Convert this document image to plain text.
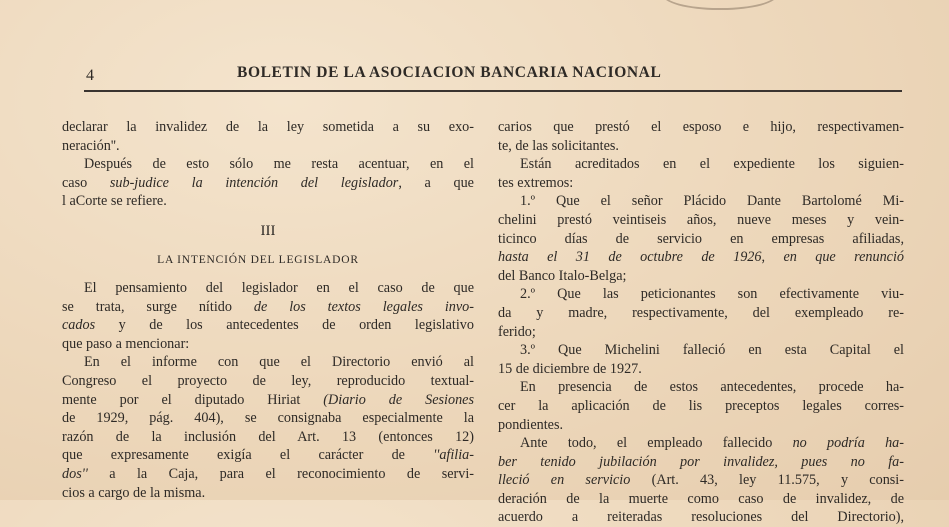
4	BOLETIN DE LA ASOCIACION BANCARIA NACIONAL
declarar la invalidez de la ley sometida a su exo-
neración''.
Después de esto sólo me resta acentuar, en el
caso sub-judice la intención del legislador, a que
l aCorte se refiere.
III
LA INTENCIÓN DEL LEGISLADOR
El pensamiento del legislador en el caso de que
se trata, surge nítido de los textos legales invo-
cados y de los antecedentes de orden legislativo
que paso a mencionar:
En el informe con que el Directorio envió al
Congreso el proyecto de ley, reproducido textual-
mente por el diputado Hiriat (Diario de Sesiones
de 1929, pág. 404), se consignaba especialmente la
razón de la inclusión del Art. 13 (entonces 12)
que expresamente exigía el carácter de ''afilia-
dos'' a la Caja, para el reconocimiento de servi-
cios a cargo de la misma.
carios que prestó el esposo e hijo, respectivamen-
te, de las solicitantes.
Están acreditados en el expediente los siguien-
tes extremos:
1.º Que el señor Plácido Dante Bartolomé Mi-
chelini prestó veintiseis años, nueve meses y vein-
ticinco días de servicio en empresas afiliadas,
hasta el 31 de octubre de 1926, en que renunció
del Banco Italo-Belga;
2.º Que las peticionantes son efectivamente viu-
da y madre, respectivamente, del exempleado re-
ferido;
3.º Que Michelini falleció en esta Capital el
15 de diciembre de 1927.
En presencia de estos antecedentes, procede ha-
cer la aplicación de lis preceptos legales corres-
pondientes.
Ante todo, el empleado fallecido no podría ha-
ber tenido jubilación por invalidez, pues no fa-
lleció en servicio (Art. 43, ley 11.575, y consi-
deración de la muerte como caso de invalidez, de
acuerdo a reiteradas resoluciones del Directorio),
